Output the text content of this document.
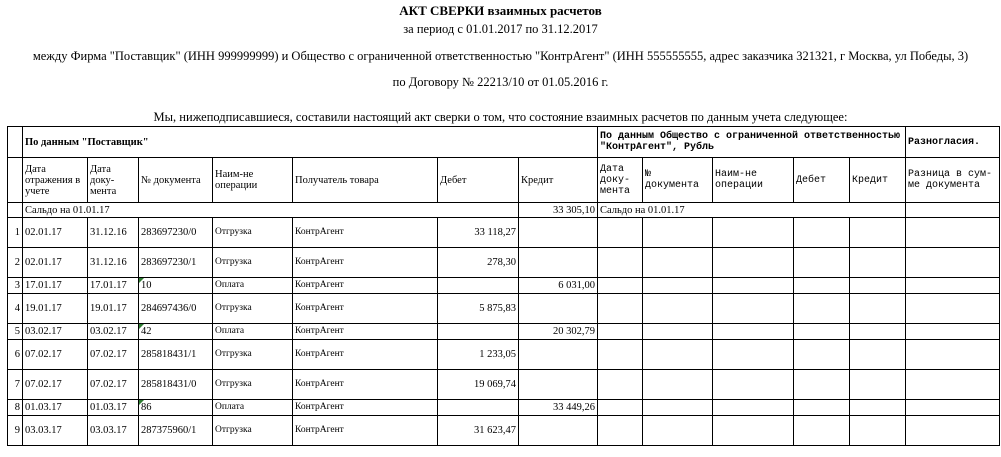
АКТ СВЕРКИ взаимных расчетов
за период с 01.01.2017 по 31.12.2017
между Фирма "Поставщик" (ИНН 999999999) и Общество с ограниченной ответственностью "КонтрАгент" (ИНН 555555555, адрес заказчика 321321, г Москва, ул Победы, 3)
по Договору № 22213/10 от 01.05.2016 г.
Мы, нижеподписавшиеся, составили настоящий акт сверки о том, что состояние взаимных расчетов по данным учета следующее:
	По данным "Поставщик"							По данным Общество с ограниченной ответственностью "КонтрАгент", Рубль					Разногласия.
	Дата отражения в учете	Дата доку-мента	№ документа	Наим-не операции	Получатель товара	Дебет	Кредит	Дата доку-мента	№ документа	Наим-не операции	Дебет	Кредит	Разница в сум-ме документа
	Сальдо на 01.01.17						33 305,10	Сальдо на 01.01.17					
1	02.01.17	31.12.16	283697230/0	Отгрузка	КонтрАгент	33 118,27							
2	02.01.17	31.12.16	283697230/1	Отгрузка	КонтрАгент	278,30							
3	17.01.17	17.01.17	10	Оплата	КонтрАгент		6 031,00						
4	19.01.17	19.01.17	284697436/0	Отгрузка	КонтрАгент	5 875,83							
5	03.02.17	03.02.17	42	Оплата	КонтрАгент		20 302,79						
6	07.02.17	07.02.17	285818431/1	Отгрузка	КонтрАгент	1 233,05							
7	07.02.17	07.02.17	285818431/0	Отгрузка	КонтрАгент	19 069,74							
8	01.03.17	01.03.17	86	Оплата	КонтрАгент		33 449,26						
9	03.03.17	03.03.17	287375960/1	Отгрузка	КонтрАгент	31 623,47							
